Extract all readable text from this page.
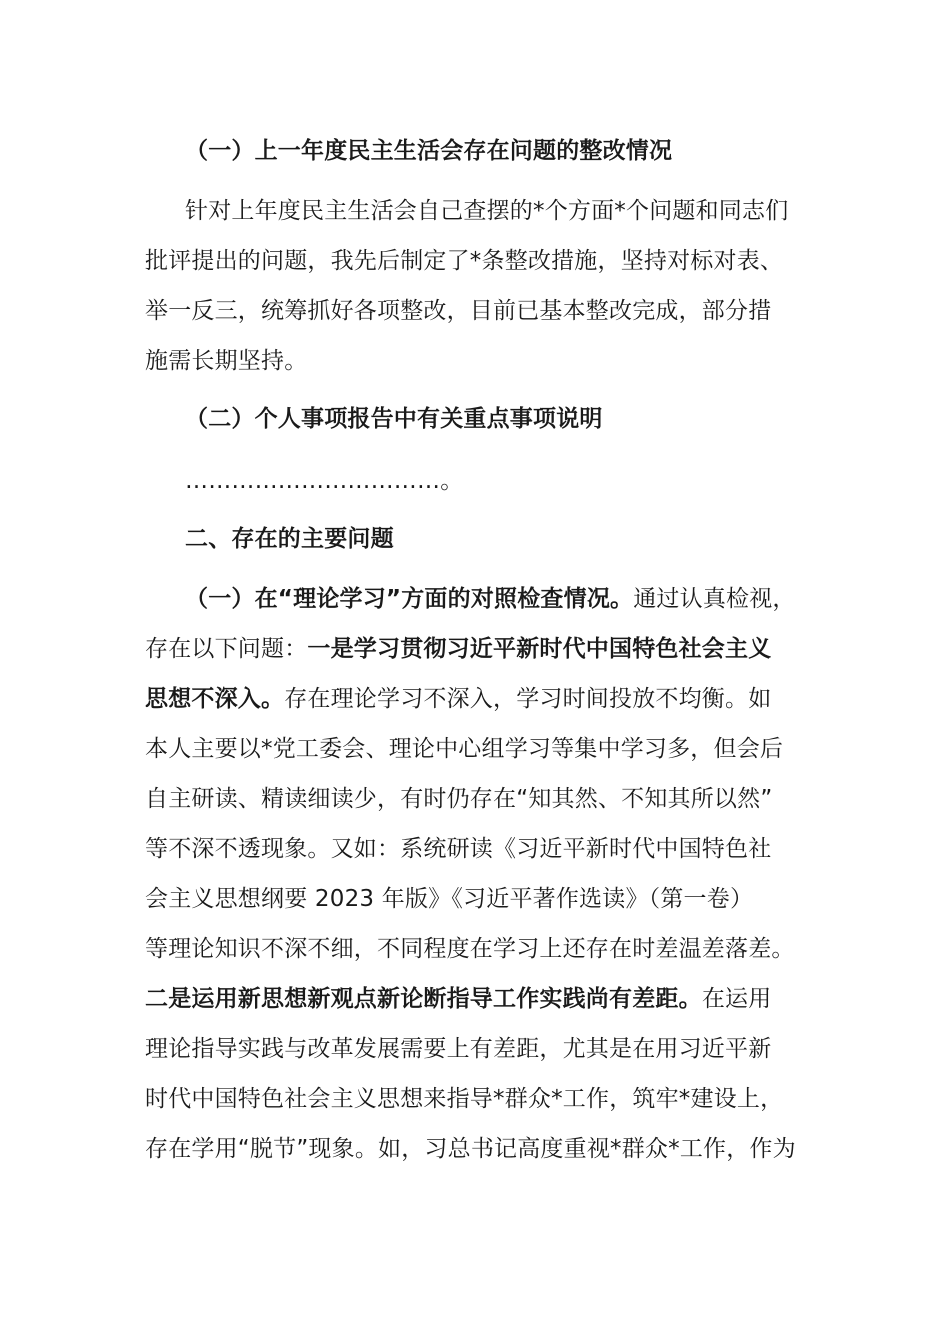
（一）上一年度民主生活会存在问题的整改情况
针对上年度民主生活会自己查摆的*个方面*个问题和同志们
批评提出的问题，我先后制定了*条整改措施，坚持对标对表、
举一反三，统筹抓好各项整改，目前已基本整改完成，部分措
施需长期坚持。
（二）个人事项报告中有关重点事项说明
……………………………。
二、存在的主要问题
（一）在“理论学习”方面的对照检查情况。通过认真检视，
存在以下问题：一是学习贯彻习近平新时代中国特色社会主义
思想不深入。存在理论学习不深入，学习时间投放不均衡。如
本人主要以*党工委会、理论中心组学习等集中学习多，但会后
自主研读、精读细读少，有时仍存在“知其然、不知其所以然”
等不深不透现象。又如：系统研读《习近平新时代中国特色社
会主义思想纲要 2023 年版》《习近平著作选读》（第一卷）
等理论知识不深不细，不同程度在学习上还存在时差温差落差。
二是运用新思想新观点新论断指导工作实践尚有差距。在运用
理论指导实践与改革发展需要上有差距，尤其是在用习近平新
时代中国特色社会主义思想来指导*群众*工作，筑牢*建设上，
存在学用“脱节”现象。如，习总书记高度重视*群众*工作，作为
